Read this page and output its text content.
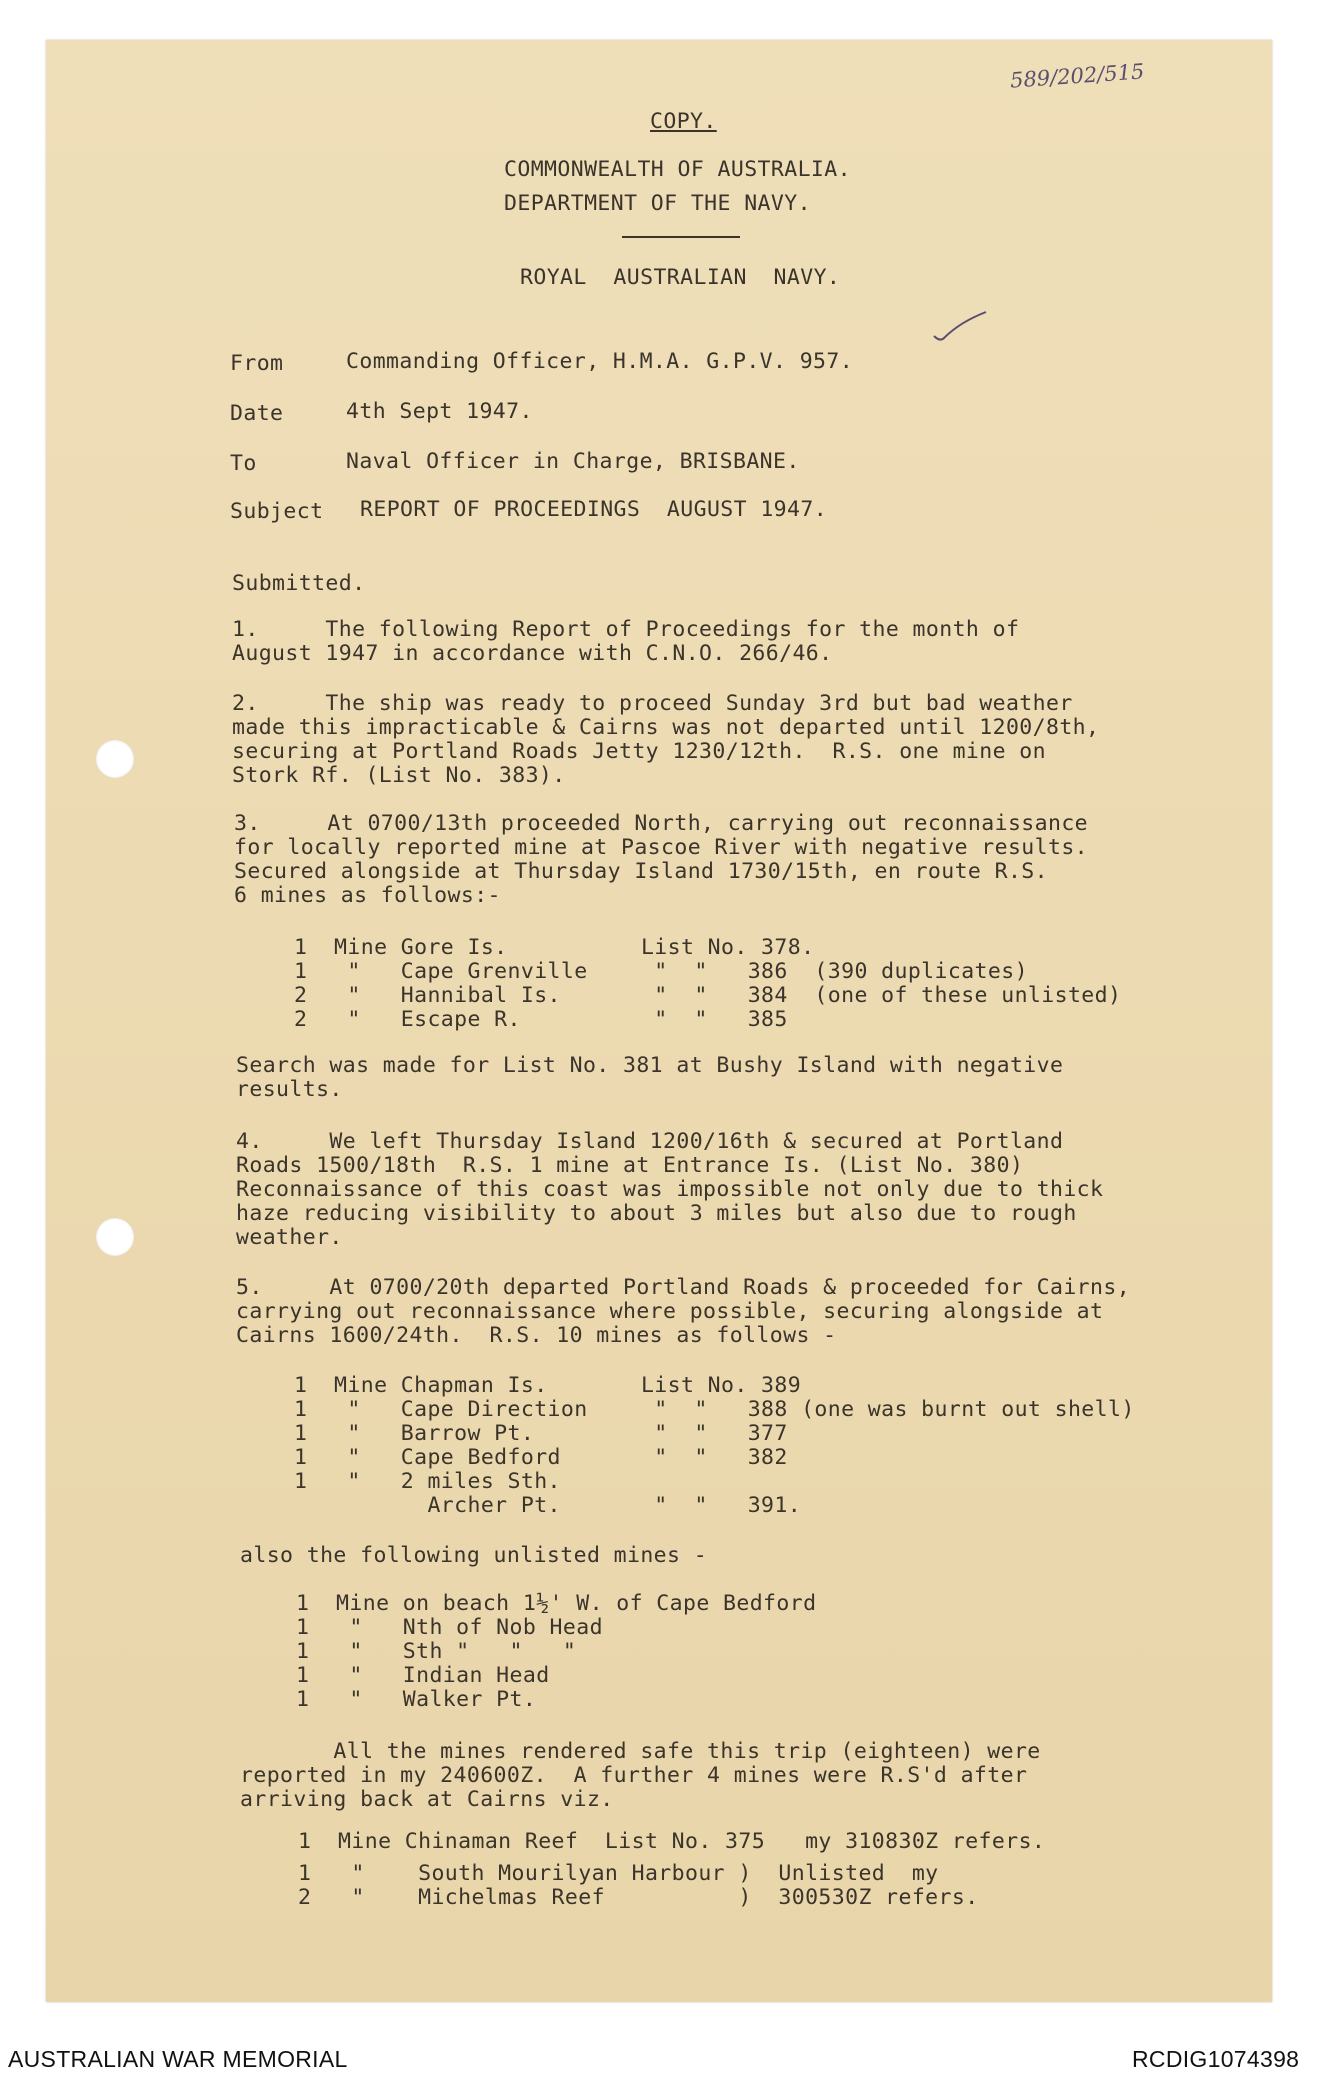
589/202/515
COPY.
COMMONWEALTH OF AUSTRALIA.
DEPARTMENT OF THE NAVY.
ROYAL  AUSTRALIAN  NAVY.
From	Commanding Officer, H.M.A. G.P.V. 957.
Date	4th Sept 1947.
To	Naval Officer in Charge, BRISBANE.
Subject REPORT OF PROCEEDINGS  AUGUST 1947.
Submitted.
1.     The following Report of Proceedings for the month of
August 1947 in accordance with C.N.O. 266/46.
2.     The ship was ready to proceed Sunday 3rd but bad weather
made this impracticable & Cairns was not departed until 1200/8th,
securing at Portland Roads Jetty 1230/12th.  R.S. one mine on
Stork Rf. (List No. 383).
3.     At 0700/13th proceeded North, carrying out reconnaissance
for locally reported mine at Pascoe River with negative results.
Secured alongside at Thursday Island 1730/15th, en route R.S.
6 mines as follows:-
1  Mine Gore Is.          List No. 378.
1   "   Cape Grenville     "  "   386  (390 duplicates)
2   "   Hannibal Is.       "  "   384  (one of these unlisted)
2   "   Escape R.          "  "   385
Search was made for List No. 381 at Bushy Island with negative
results.
4.     We left Thursday Island 1200/16th & secured at Portland
Roads 1500/18th  R.S. 1 mine at Entrance Is. (List No. 380)
Reconnaissance of this coast was impossible not only due to thick
haze reducing visibility to about 3 miles but also due to rough
weather.
5.     At 0700/20th departed Portland Roads & proceeded for Cairns,
carrying out reconnaissance where possible, securing alongside at
Cairns 1600/24th.  R.S. 10 mines as follows -
1  Mine Chapman Is.       List No. 389
1   "   Cape Direction     "  "   388 (one was burnt out shell)
1   "   Barrow Pt.         "  "   377
1   "   Cape Bedford       "  "   382
1   "   2 miles Sth.
Archer Pt.       "  "   391.
also the following unlisted mines -
1  Mine on beach 1½' W. of Cape Bedford
1   "   Nth of Nob Head
1   "   Sth "   "   "
1   "   Indian Head
1   "   Walker Pt.
All the mines rendered safe this trip (eighteen) were
reported in my 240600Z.  A further 4 mines were R.S'd after
arriving back at Cairns viz.
1  Mine Chinaman Reef  List No. 375   my 310830Z refers.
1   "    South Mourilyan Harbour )  Unlisted  my
2   "    Michelmas Reef          )  300530Z refers.
AUSTRALIAN WAR MEMORIAL	RCDIG1074398
